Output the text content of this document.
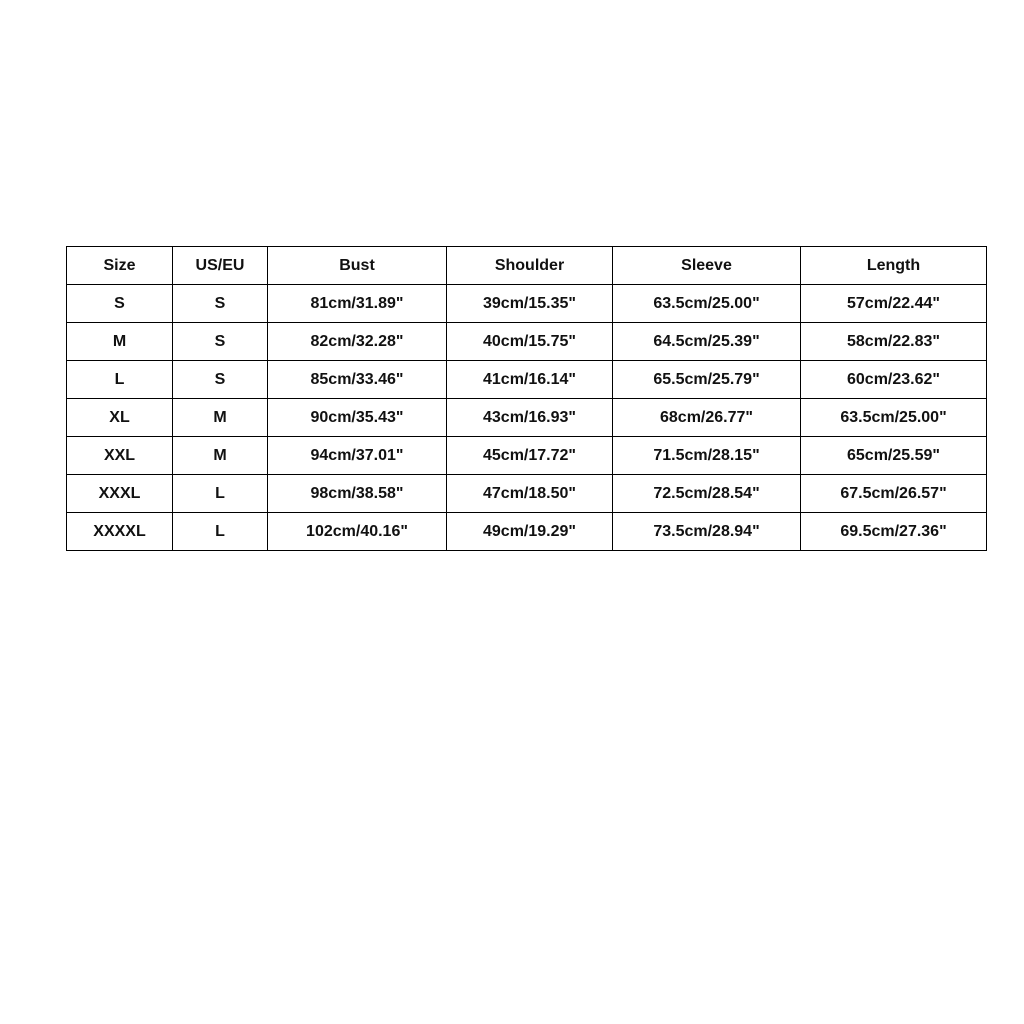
Size	US/EU	Bust	Shoulder	Sleeve	Length
S	S	81cm/31.89"	39cm/15.35"	63.5cm/25.00"	57cm/22.44"
M	S	82cm/32.28"	40cm/15.75"	64.5cm/25.39"	58cm/22.83"
L	S	85cm/33.46"	41cm/16.14"	65.5cm/25.79"	60cm/23.62"
XL	M	90cm/35.43"	43cm/16.93"	68cm/26.77"	63.5cm/25.00"
XXL	M	94cm/37.01"	45cm/17.72"	71.5cm/28.15"	65cm/25.59"
XXXL	L	98cm/38.58"	47cm/18.50"	72.5cm/28.54"	67.5cm/26.57"
XXXXL	L	102cm/40.16"	49cm/19.29"	73.5cm/28.94"	69.5cm/27.36"
